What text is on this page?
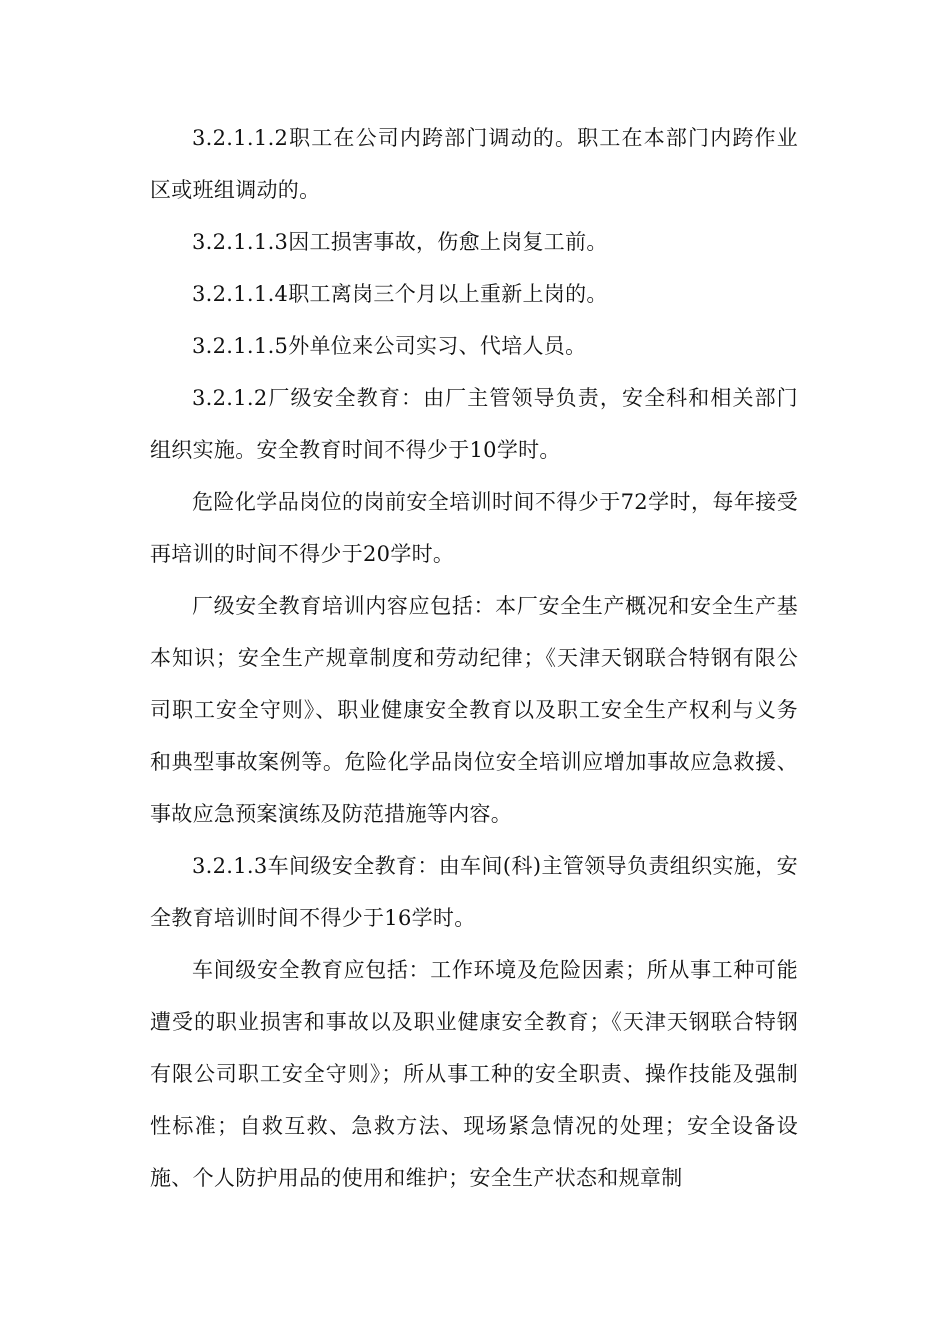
3.2.1.1.2职工在公司内跨部门调动的。职工在本部门内跨作业区或班组调动的。

3.2.1.1.3因工损害事故，伤愈上岗复工前。

3.2.1.1.4职工离岗三个月以上重新上岗的。

3.2.1.1.5外单位来公司实习、代培人员。

3.2.1.2厂级安全教育：由厂主管领导负责，安全科和相关部门组织实施。安全教育时间不得少于10学时。

危险化学品岗位的岗前安全培训时间不得少于72学时，每年接受再培训的时间不得少于20学时。

厂级安全教育培训内容应包括：本厂安全生产概况和安全生产基本知识；安全生产规章制度和劳动纪律；《天津天钢联合特钢有限公司职工安全守则》、职业健康安全教育以及职工安全生产权利与义务和典型事故案例等。危险化学品岗位安全培训应增加事故应急救援、事故应急预案演练及防范措施等内容。

3.2.1.3车间级安全教育：由车间(科)主管领导负责组织实施，安全教育培训时间不得少于16学时。

车间级安全教育应包括：工作环境及危险因素；所从事工种可能遭受的职业损害和事故以及职业健康安全教育；《天津天钢联合特钢有限公司职工安全守则》；所从事工种的安全职责、操作技能及强制性标准；自救互救、急救方法、现场紧急情况的处理；安全设备设施、个人防护用品的使用和维护；安全生产状态和规章制
